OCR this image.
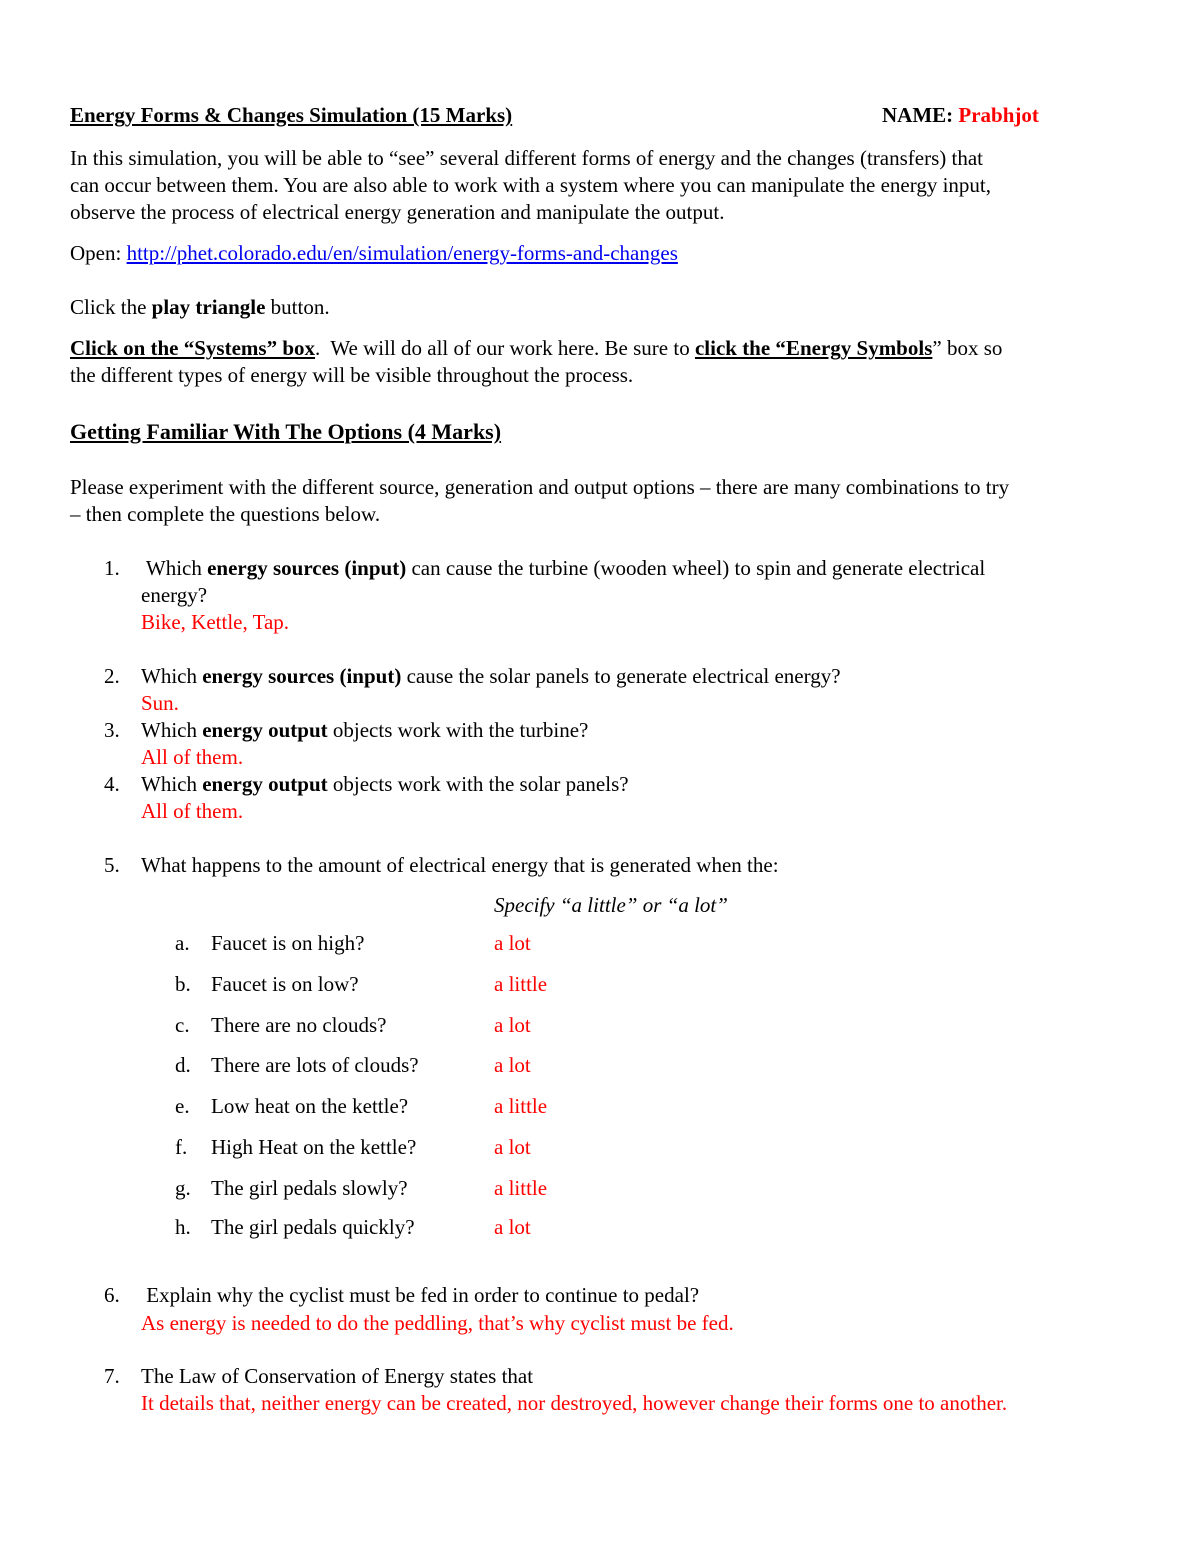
Energy Forms & Changes Simulation (15 Marks)	NAME: Prabhjot
In this simulation, you will be able to “see” several different forms of energy and the changes (transfers) that
can occur between them. You are also able to work with a system where you can manipulate the energy input,
observe the process of electrical energy generation and manipulate the output.
Open: http://phet.colorado.edu/en/simulation/energy-forms-and-changes
Click the play triangle button.
Click on the “Systems” box.  We will do all of our work here. Be sure to click the “Energy Symbols” box so
the different types of energy will be visible throughout the process.
Getting Familiar With The Options (4 Marks)
Please experiment with the different source, generation and output options – there are many combinations to try
– then complete the questions below.
1. Which energy sources (input) can cause the turbine (wooden wheel) to spin and generate electrical
energy?
Bike, Kettle, Tap.
2. Which energy sources (input) cause the solar panels to generate electrical energy?
Sun.
3. Which energy output objects work with the turbine?
All of them.
4. Which energy output objects work with the solar panels?
All of them.
5. What happens to the amount of electrical energy that is generated when the:
Specify “a little” or “a lot”
a. Faucet is on high?	a lot
b. Faucet is on low?	a little
c. There are no clouds?	a lot
d. There are lots of clouds?	a lot
e. Low heat on the kettle?	a little
f. High Heat on the kettle?	a lot
g. The girl pedals slowly?	a little
h. The girl pedals quickly?	a lot
6. Explain why the cyclist must be fed in order to continue to pedal?
As energy is needed to do the peddling, that’s why cyclist must be fed.
7. The Law of Conservation of Energy states that
It details that, neither energy can be created, nor destroyed, however change their forms one to another.
